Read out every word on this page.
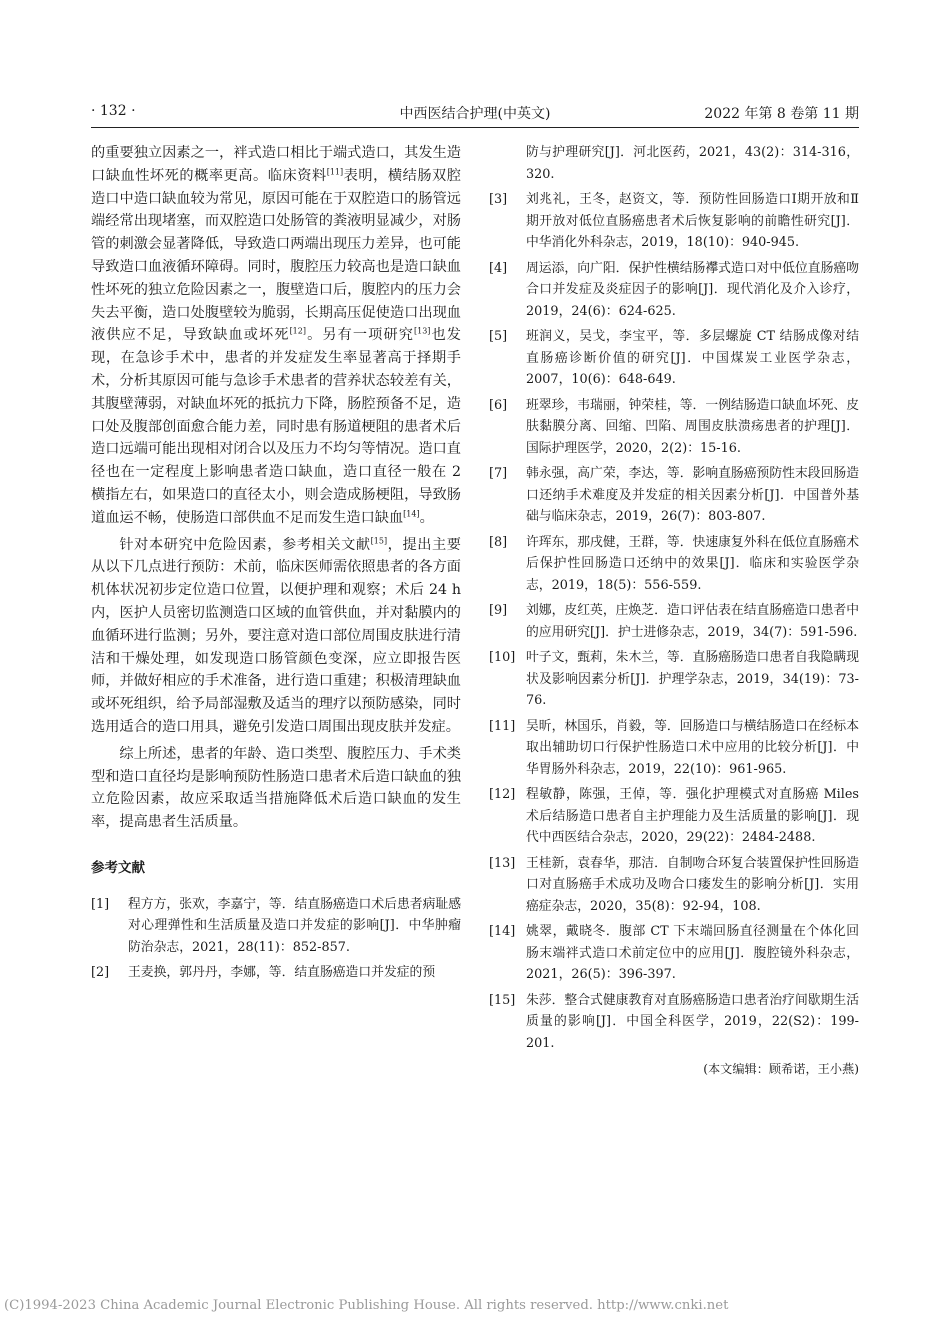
· 132 ·	中西医结合护理(中英文)	2022 年第 8 卷第 11 期

的重要独立因素之一，袢式造口相比于端式造口，其发生造口缺血性坏死的概率更高。临床资料[11]表明，横结肠双腔造口中造口缺血较为常见，原因可能在于双腔造口的肠管远端经常出现堵塞，而双腔造口处肠管的粪液明显减少，对肠管的刺激会显著降低，导致造口两端出现压力差异，也可能导致造口血液循环障碍。同时，腹腔压力较高也是造口缺血性坏死的独立危险因素之一，腹壁造口后，腹腔内的压力会失去平衡，造口处腹壁较为脆弱，长期高压促使造口出现血液供应不足，导致缺血或坏死[12]。另有一项研究[13]也发现，在急诊手术中，患者的并发症发生率显著高于择期手术，分析其原因可能与急诊手术患者的营养状态较差有关，其腹壁薄弱，对缺血坏死的抵抗力下降，肠腔预备不足，造口处及腹部创面愈合能力差，同时患有肠道梗阻的患者术后造口远端可能出现相对闭合以及压力不均匀等情况。造口直径也在一定程度上影响患者造口缺血，造口直径一般在 2 横指左右，如果造口的直径太小，则会造成肠梗阻，导致肠道血运不畅，使肠造口部供血不足而发生造口缺血[14]。

针对本研究中危险因素，参考相关文献[15]，提出主要从以下几点进行预防：术前，临床医师需依照患者的各方面机体状况初步定位造口位置，以便护理和观察；术后 24 h 内，医护人员密切监测造口区域的血管供血，并对黏膜内的血循环进行监测；另外，要注意对造口部位周围皮肤进行清洁和干燥处理，如发现造口肠管颜色变深，应立即报告医师，并做好相应的手术准备，进行造口重建；积极清理缺血或坏死组织，给予局部湿敷及适当的理疗以预防感染，同时选用适合的造口用具，避免引发造口周围出现皮肤并发症。

综上所述，患者的年龄、造口类型、腹腔压力、手术类型和造口直径均是影响预防性肠造口患者术后造口缺血的独立危险因素，故应采取适当措施降低术后造口缺血的发生率，提高患者生活质量。

参考文献

[1] 程方方，张欢，李嘉宁，等．结直肠癌造口术后患者病耻感对心理弹性和生活质量及造口并发症的影响[J]．中华肿瘤防治杂志，2021，28(11)：852-857.

[2] 王麦换，郭丹丹，李娜，等．结直肠癌造口并发症的预

防与护理研究[J]．河北医药，2021，43(2)：314-316，320.

[3] 刘兆礼，王冬，赵资文，等．预防性回肠造口Ⅰ期开放和Ⅱ期开放对低位直肠癌患者术后恢复影响的前瞻性研究[J]．中华消化外科杂志，2019，18(10)：940-945.

[4] 周运添，向广阳．保护性横结肠襻式造口对中低位直肠癌吻合口并发症及炎症因子的影响[J]．现代消化及介入诊疗，2019，24(6)：624-625.

[5] 班润义，吴戈，李宝平，等．多层螺旋 CT 结肠成像对结直肠癌诊断价值的研究[J]．中国煤炭工业医学杂志，2007，10(6)：648-649.

[6] 班翠珍，韦瑞丽，钟荣桂，等．一例结肠造口缺血坏死、皮肤黏膜分离、回缩、凹陷、周围皮肤溃疡患者的护理[J]．国际护理医学，2020，2(2)：15-16.

[7] 韩永强，高广荣，李达，等．影响直肠癌预防性末段回肠造口还纳手术难度及并发症的相关因素分析[J]．中国普外基础与临床杂志，2019，26(7)：803-807.

[8] 许珲东，那戌健，王群，等．快速康复外科在低位直肠癌术后保护性回肠造口还纳中的效果[J]．临床和实验医学杂志，2019，18(5)：556-559.

[9] 刘娜，皮红英，庄焕芝．造口评估表在结直肠癌造口患者中的应用研究[J]．护士进修杂志，2019，34(7)：591-596.

[10] 叶子文，甄莉，朱木兰，等．直肠癌肠造口患者自我隐瞒现状及影响因素分析[J]．护理学杂志，2019，34(19)：73-76.

[11] 吴昕，林国乐，肖毅，等．回肠造口与横结肠造口在经标本取出辅助切口行保护性肠造口术中应用的比较分析[J]．中华胃肠外科杂志，2019，22(10)：961-965.

[12] 程敏静，陈强，王倬，等．强化护理模式对直肠癌 Miles 术后结肠造口患者自主护理能力及生活质量的影响[J]．现代中西医结合杂志，2020，29(22)：2484-2488.

[13] 王桂新，袁春华，那洁．自制吻合环复合装置保护性回肠造口对直肠癌手术成功及吻合口瘘发生的影响分析[J]．实用癌症杂志，2020，35(8)：92-94，108.

[14] 姚翠，戴晓冬．腹部 CT 下末端回肠直径测量在个体化回肠末端袢式造口术前定位中的应用[J]．腹腔镜外科杂志，2021，26(5)：396-397.

[15] 朱莎．整合式健康教育对直肠癌肠造口患者治疗间歇期生活质量的影响[J]．中国全科医学，2019，22(S2)：199-201.

(本文编辑：顾希诺，王小燕)
(C)1994-2023 China Academic Journal Electronic Publishing House. All rights reserved. http://www.cnki.net
